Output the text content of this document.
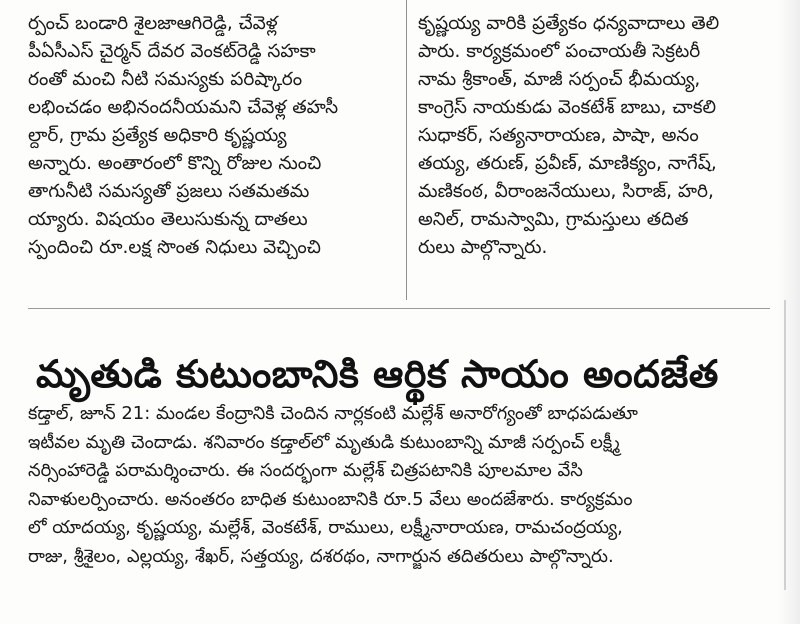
ర్పంచ్ బండారి శైలజాఆగిరెడ్డి, చేవెళ్ల
పీఏసీఎస్ చైర్మన్ దేవర వెంకట్‌రెడ్డి సహకా
రంతో మంచి నీటి సమస్యకు పరిష్కారం
లభించడం అభినందనీయమని చేవెళ్ల తహసీ
ల్దార్, గ్రామ ప్రత్యేక అధికారి కృష్ణయ్య
అన్నారు. అంతారంలో కొన్ని రోజుల నుంచి
తాగునీటి సమస్యతో ప్రజలు సతమతమ
య్యారు. విషయం తెలుసుకున్న దాతలు
స్పందించి రూ.లక్ష సొంత నిధులు వెచ్చించి
కృష్ణయ్య వారికి ప్రత్యేకం ధన్యవాదాలు తెలి
పారు. కార్యక్రమంలో పంచాయతీ సెక్రటరీ
నామ శ్రీకాంత్, మాజీ సర్పంచ్ భీమయ్య,
కాంగ్రెస్ నాయకుడు వెంకటేశ్ బాబు, చాకలి
సుధాకర్, సత్యనారాయణ, పాషా, అనం
తయ్య, తరుణ్, ప్రవీణ్, మాణిక్యం, నాగేష్,
మణికంఠ, వీరాంజనేయులు, సిరాజ్, హరి,
అనిల్, రామస్వామి, గ్రామస్తులు తదిత
రులు పాల్గొన్నారు.
మృతుడి కుటుంబానికి ఆర్థిక సాయం అందజేత
కడ్తాల్, జూన్ 21: మండల కేంద్రానికి చెందిన నార్లకంటి మల్లేశ్ అనారోగ్యంతో బాధపడుతూ
ఇటీవల మృతి చెందాడు. శనివారం కడ్తాల్‌లో మృతుడి కుటుంబాన్ని మాజీ సర్పంచ్ లక్ష్మీ
నర్సింహారెడ్డి పరామర్శించారు. ఈ సందర్భంగా మల్లేశ్ చిత్రపటానికి పూలమాల వేసి
నివాళులర్పించారు. అనంతరం బాధిత కుటుంబానికి రూ.5 వేలు అందజేశారు. కార్యక్రమం
లో యాదయ్య, కృష్ణయ్య, మల్లేశ్, వెంకటేశ్, రాములు, లక్ష్మీనారాయణ, రామచంద్రయ్య,
రాజు, శ్రీశైలం, ఎల్లయ్య, శేఖర్, సత్తయ్య, దశరథం, నాగార్జున తదితరులు పాల్గొన్నారు.
